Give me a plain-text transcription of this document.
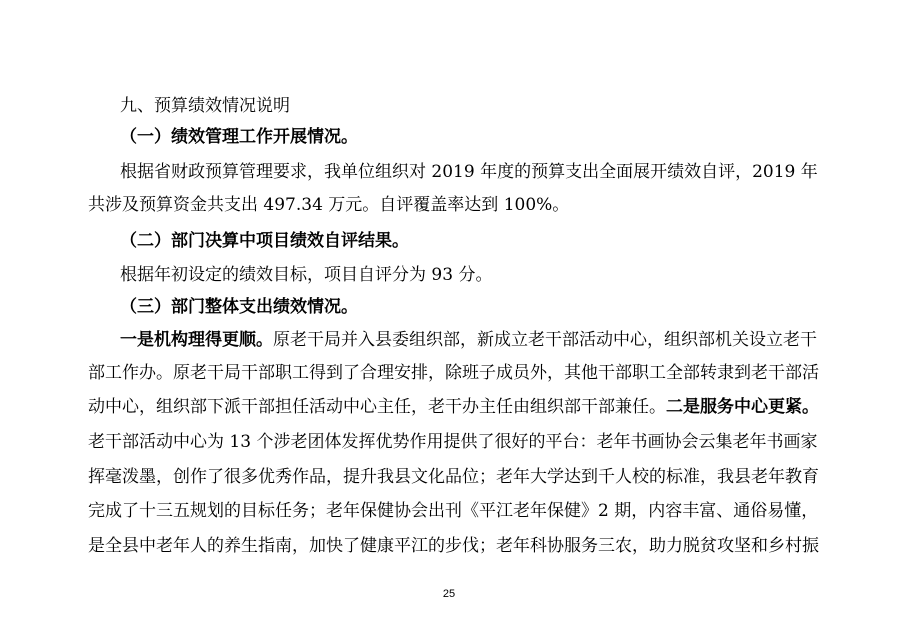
九、预算绩效情况说明
（一）绩效管理工作开展情况。
根据省财政预算管理要求，我单位组织对 2019 年度的预算支出全面展开绩效自评，2019 年
共涉及预算资金共支出 497.34 万元。自评覆盖率达到 100%。
（二）部门决算中项目绩效自评结果。
根据年初设定的绩效目标，项目自评分为 93 分。
（三）部门整体支出绩效情况。
一是机构理得更顺。原老干局并入县委组织部，新成立老干部活动中心，组织部机关设立老干
部工作办。原老干局干部职工得到了合理安排，除班子成员外，其他干部职工全部转隶到老干部活
动中心，组织部下派干部担任活动中心主任，老干办主任由组织部干部兼任。二是服务中心更紧。
老干部活动中心为 13 个涉老团体发挥优势作用提供了很好的平台：老年书画协会云集老年书画家
挥毫泼墨，创作了很多优秀作品，提升我县文化品位；老年大学达到千人校的标准，我县老年教育
完成了十三五规划的目标任务；老年保健协会出刊《平江老年保健》2 期，内容丰富、通俗易懂，
是全县中老年人的养生指南，加快了健康平江的步伐；老年科协服务三农，助力脱贫攻坚和乡村振
25
